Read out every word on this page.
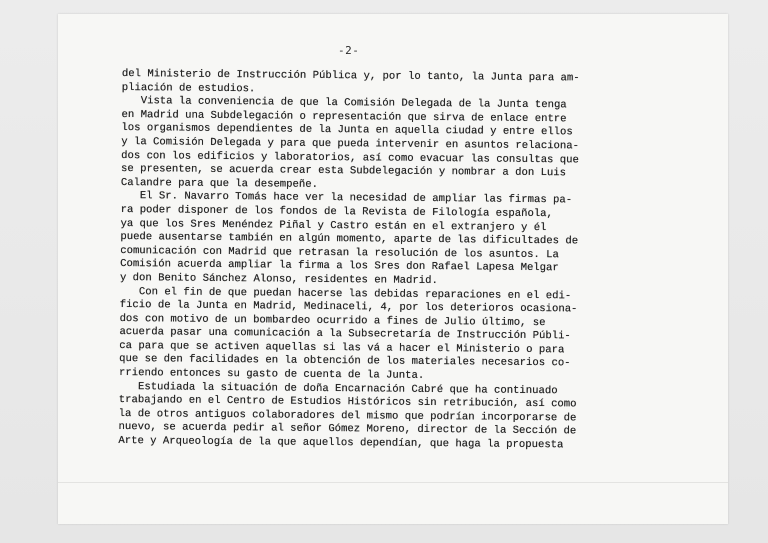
-2-
del Ministerio de Instrucción Pública y, por lo tanto, la Junta para am-
pliación de estudios.
Vista la conveniencia de que la Comisión Delegada de la Junta tenga
en Madrid una Subdelegación o representación que sirva de enlace entre
los organismos dependientes de la Junta en aquella ciudad y entre ellos
y la Comisión Delegada y para que pueda intervenir en asuntos relaciona-
dos con los edificios y laboratorios, así como evacuar las consultas que
se presenten, se acuerda crear esta Subdelegación y nombrar a don Luis
Calandre para que la desempeñe.
El Sr. Navarro Tomás hace ver la necesidad de ampliar las firmas pa-
ra poder disponer de los fondos de la Revista de Filología española,
ya que los Sres Menéndez Piñal y Castro están en el extranjero y él
puede ausentarse también en algún momento, aparte de las dificultades de
comunicación con Madrid que retrasan la resolución de los asuntos. La
Comisión acuerda ampliar la firma a los Sres don Rafael Lapesa Melgar
y don Benito Sánchez Alonso, residentes en Madrid.
Con el fin de que puedan hacerse las debidas reparaciones en el edi-
ficio de la Junta en Madrid, Medinaceli, 4, por los deterioros ocasiona-
dos con motivo de un bombardeo ocurrido a fines de Julio último, se
acuerda pasar una comunicación a la Subsecretaría de Instrucción Públi-
ca para que se activen aquellas si las vá a hacer el Ministerio o para
que se den facilidades en la obtención de los materiales necesarios co-
rriendo entonces su gasto de cuenta de la Junta.
Estudiada la situación de doña Encarnación Cabré que ha continuado
trabajando en el Centro de Estudios Históricos sin retribución, así como
la de otros antiguos colaboradores del mismo que podrían incorporarse de
nuevo, se acuerda pedir al señor Gómez Moreno, director de la Sección de
Arte y Arqueología de la que aquellos dependían, que haga la propuesta
